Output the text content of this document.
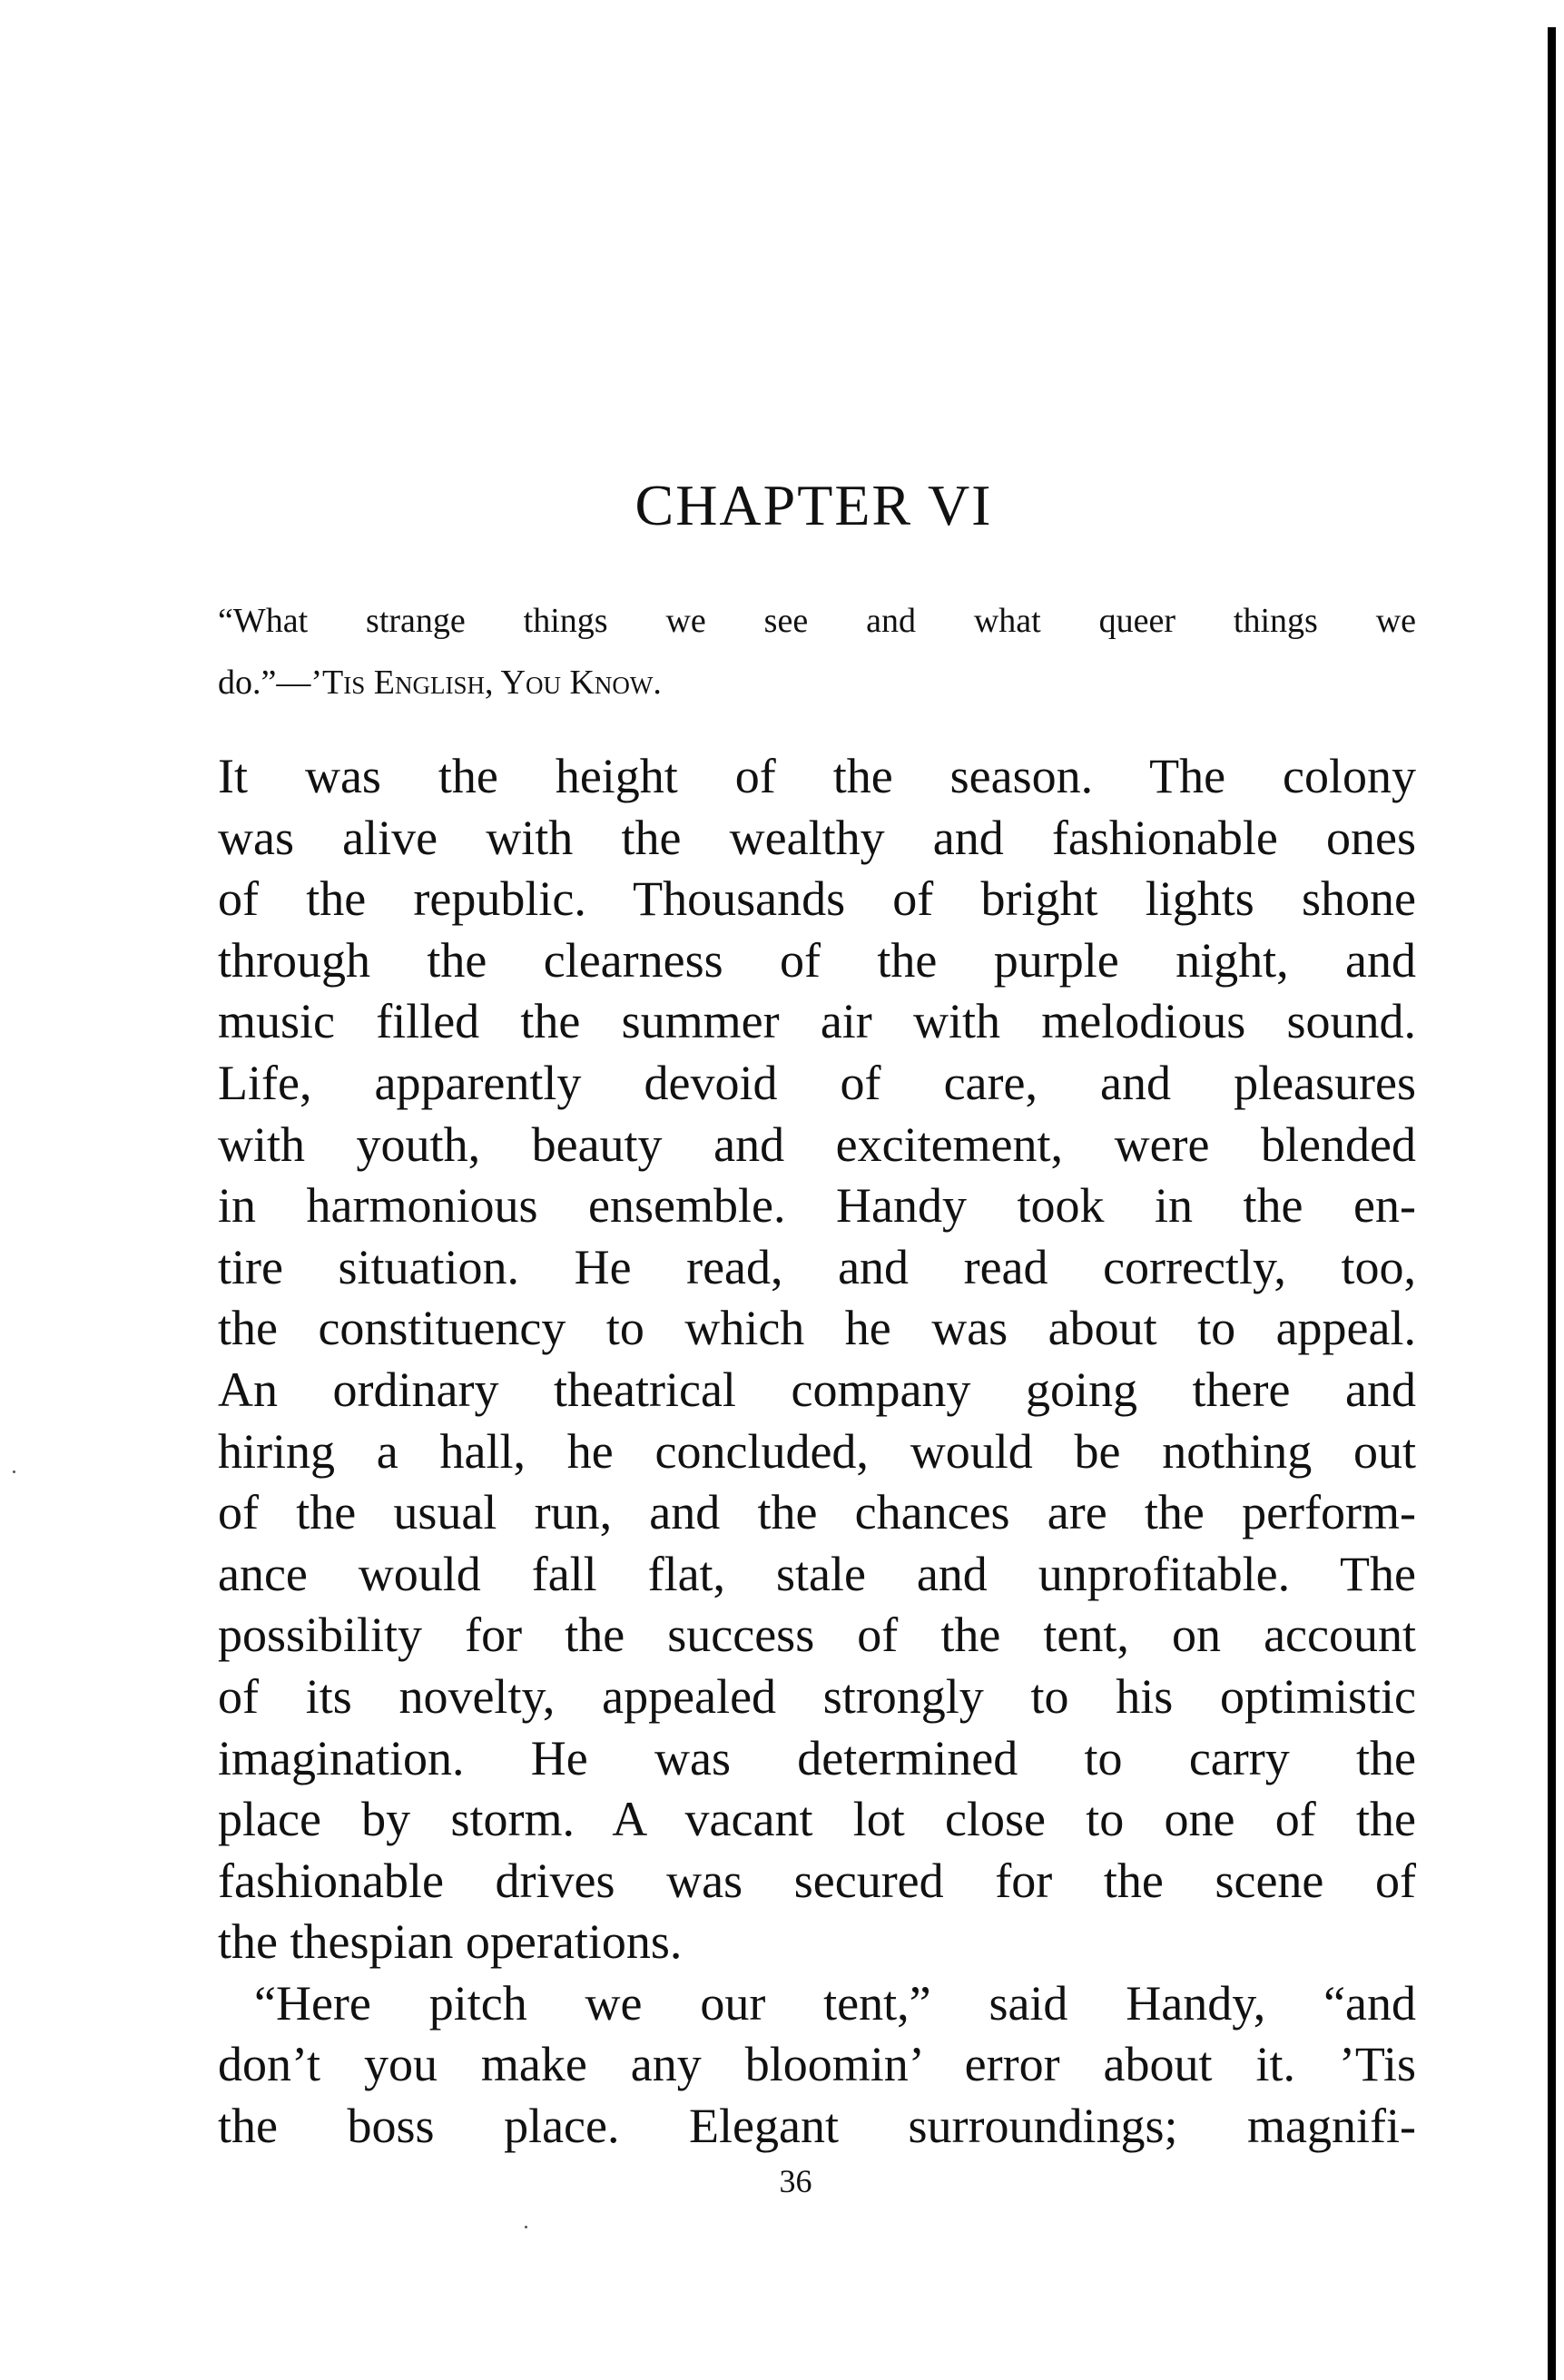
CHAPTER VI
“What strange things we see and what queer things we
do.”—’Tis English, You Know.
It was the height of the season. The colony
was alive with the wealthy and fashionable ones
of the republic. Thousands of bright lights shone
through the clearness of the purple night, and
music filled the summer air with melodious sound.
Life, apparently devoid of care, and pleasures
with youth, beauty and excitement, were blended
in harmonious ensemble. Handy took in the en-
tire situation. He read, and read correctly, too,
the constituency to which he was about to appeal.
An ordinary theatrical company going there and
hiring a hall, he concluded, would be nothing out
of the usual run, and the chances are the perform-
ance would fall flat, stale and unprofitable. The
possibility for the success of the tent, on account
of its novelty, appealed strongly to his optimistic
imagination. He was determined to carry the
place by storm. A vacant lot close to one of the
fashionable drives was secured for the scene of
the thespian operations.
“Here pitch we our tent,” said Handy, “and
don’t you make any bloomin’ error about it. ’Tis
the boss place. Elegant surroundings; magnifi-
36
